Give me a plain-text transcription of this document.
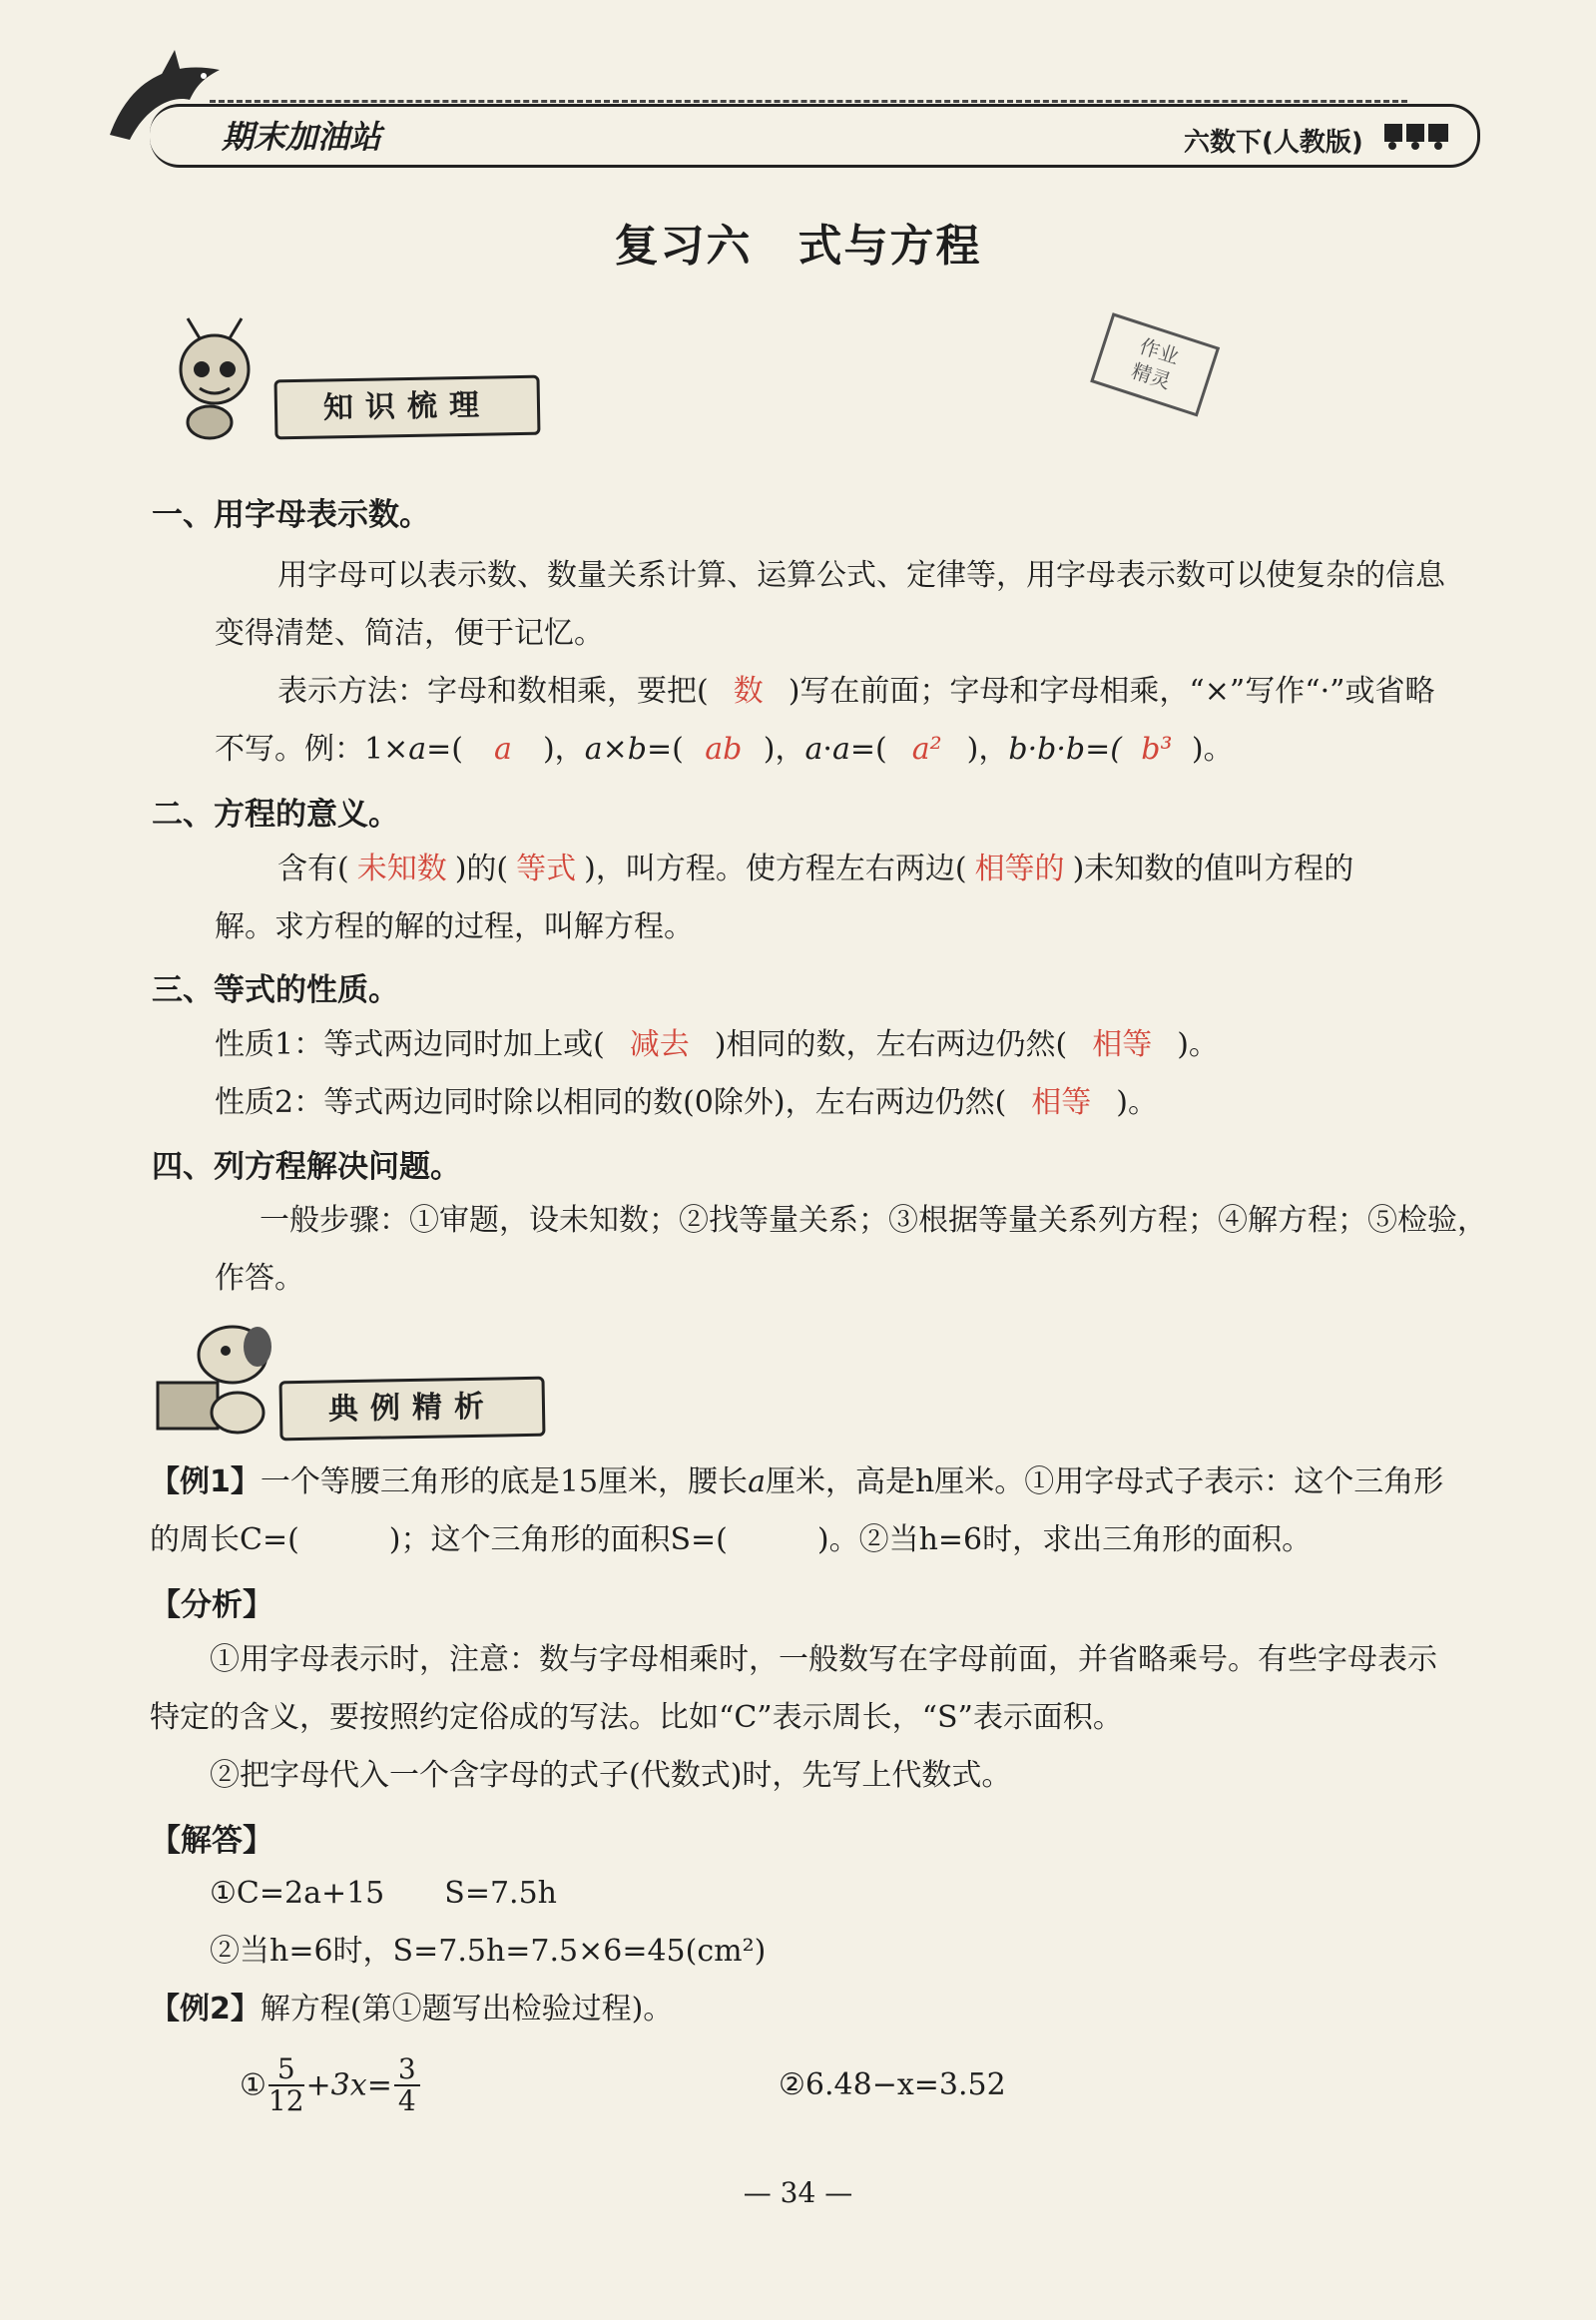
期末加油站	六数下(人教版)
复习六　式与方程
知识梳理
作业
精灵
一、用字母表示数。
用字母可以表示数、数量关系计算、运算公式、定律等，用字母表示数可以使复杂的信息
变得清楚、简洁，便于记忆。
表示方法：字母和数相乘，要把( 数 )写在前面；字母和字母相乘，“×”写作“·”或省略
不写。例：1×a=( a )，a×b=( ab )，a·a=( a² )，b·b·b=( b³ )。
二、方程的意义。
含有( 未知数 )的( 等式 )，叫方程。使方程左右两边( 相等的 )未知数的值叫方程的
解。求方程的解的过程，叫解方程。
三、等式的性质。
性质1：等式两边同时加上或( 减去 )相同的数，左右两边仍然( 相等 )。
性质2：等式两边同时除以相同的数(0除外)，左右两边仍然( 相等 )。
四、列方程解决问题。
一般步骤：①审题，设未知数；②找等量关系；③根据等量关系列方程；④解方程；⑤检验，
作答。
典例精析
【例1】一个等腰三角形的底是15厘米，腰长a厘米，高是h厘米。①用字母式子表示：这个三角形
的周长C=(　　　)；这个三角形的面积S=(　　　)。②当h=6时，求出三角形的面积。
【分析】
①用字母表示时，注意：数与字母相乘时，一般数写在字母前面，并省略乘号。有些字母表示
特定的含义，要按照约定俗成的写法。比如“C”表示周长，“S”表示面积。
②把字母代入一个含字母的式子(代数式)时，先写上代数式。
【解答】
①C=2a+15　　S=7.5h
②当h=6时，S=7.5h=7.5×6=45(cm²)
【例2】解方程(第①题写出检验过程)。
① $\frac{5}{12} +3x= \frac{3}{4}$	②6.48−x=3.52
— 34 —
